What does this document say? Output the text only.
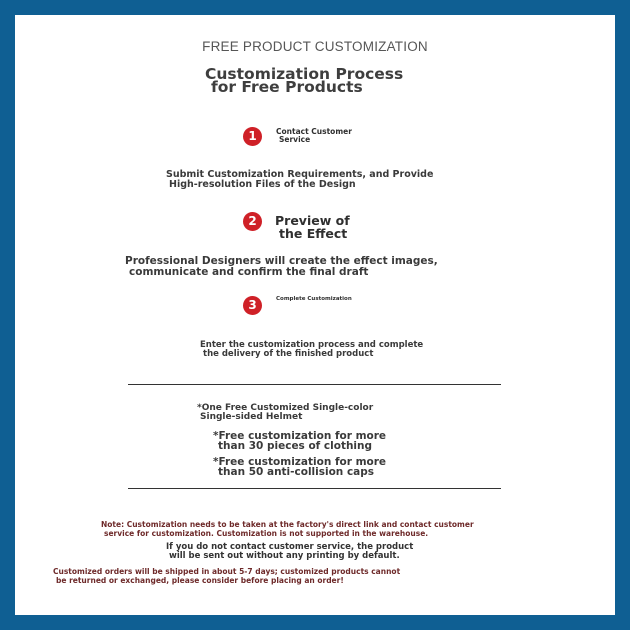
FREE PRODUCT CUSTOMIZATION
Customization Process
for Free Products
1	Contact Customer
Service
Submit Customization Requirements, and Provide
High-resolution Files of the Design
2	Preview of
the Effect
Professional Designers will create the effect images,
communicate and confirm the final draft
3	Complete Customization
Enter the customization process and complete
the delivery of the finished product
*One Free Customized Single-color
Single-sided Helmet
*Free customization for more
than 30 pieces of clothing
*Free customization for more
than 50 anti-collision caps
Note: Customization needs to be taken at the factory's direct link and contact customer
service for customization. Customization is not supported in the warehouse.
If you do not contact customer service, the product
will be sent out without any printing by default.
Customized orders will be shipped in about 5-7 days; customized products cannot
be returned or exchanged, please consider before placing an order!
